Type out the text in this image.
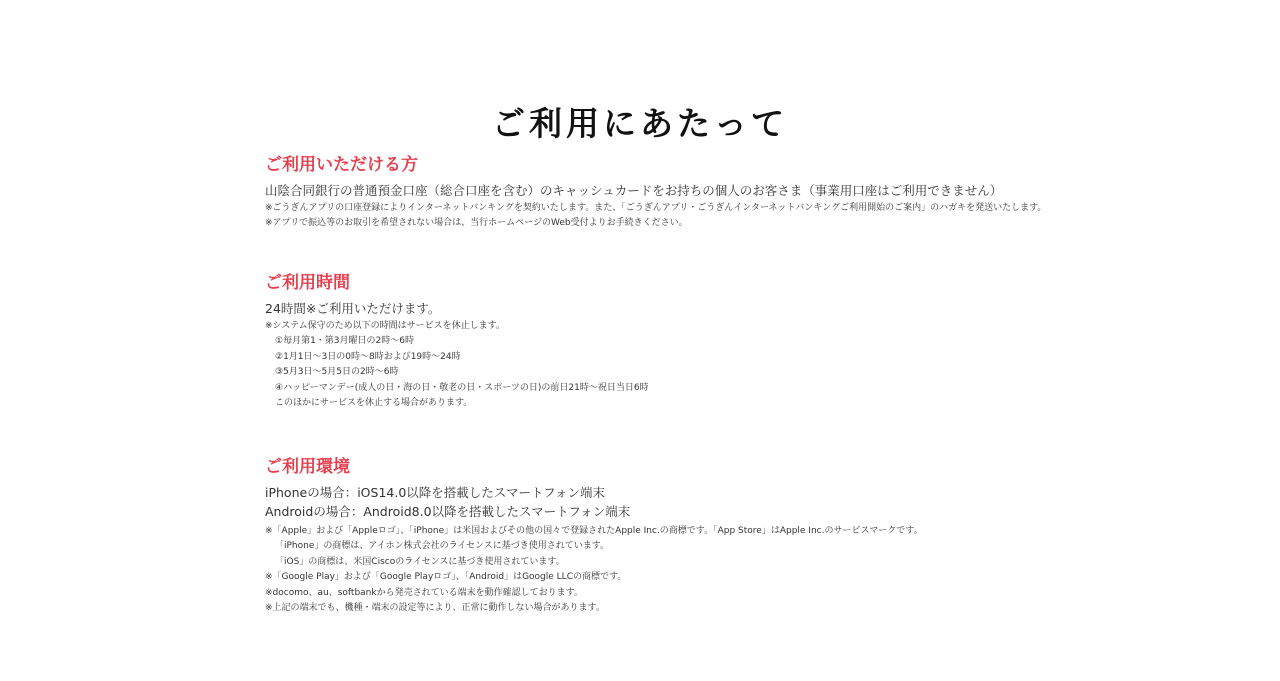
ご利用にあたって
ご利用いただける方

山陰合同銀行の普通預金口座（総合口座を含む）のキャッシュカードをお持ちの個人のお客さま（事業用口座はご利用できません）

※ごうぎんアプリの口座登録によりインターネットバンキングを契約いたします。また、「ごうぎんアプリ・ごうぎんインターネットバンキングご利用開始のご案内」のハガキを発送いたします。

※アプリで振込等のお取引を希望されない場合は、当行ホームページのWeb受付よりお手続きください。

ご利用時間

24時間※ご利用いただけます。

※システム保守のため以下の時間はサービスを休止します。

①毎月第1・第3月曜日の2時〜6時

②1月1日〜3日の0時〜8時および19時〜24時

③5月3日〜5月5日の2時〜6時

④ハッピーマンデー(成人の日・海の日・敬老の日・スポーツの日)の前日21時〜祝日当日6時

このほかにサービスを休止する場合があります。

ご利用環境

iPhoneの場合：iOS14.0以降を搭載したスマートフォン端末

Androidの場合：Android8.0以降を搭載したスマートフォン端末

※「Apple」および「Appleロゴ」、「iPhone」は米国およびその他の国々で登録されたApple Inc.の商標です。「App Store」はApple Inc.のサービスマークです。

「iPhone」の商標は、アイホン株式会社のライセンスに基づき使用されています。

「iOS」の商標は、米国Ciscoのライセンスに基づき使用されています。

※「Google Play」および「Google Playロゴ」、「Android」はGoogle LLCの商標です。

※docomo、au、softbankから発売されている端末を動作確認しております。

※上記の端末でも、機種・端末の設定等により、正常に動作しない場合があります。
